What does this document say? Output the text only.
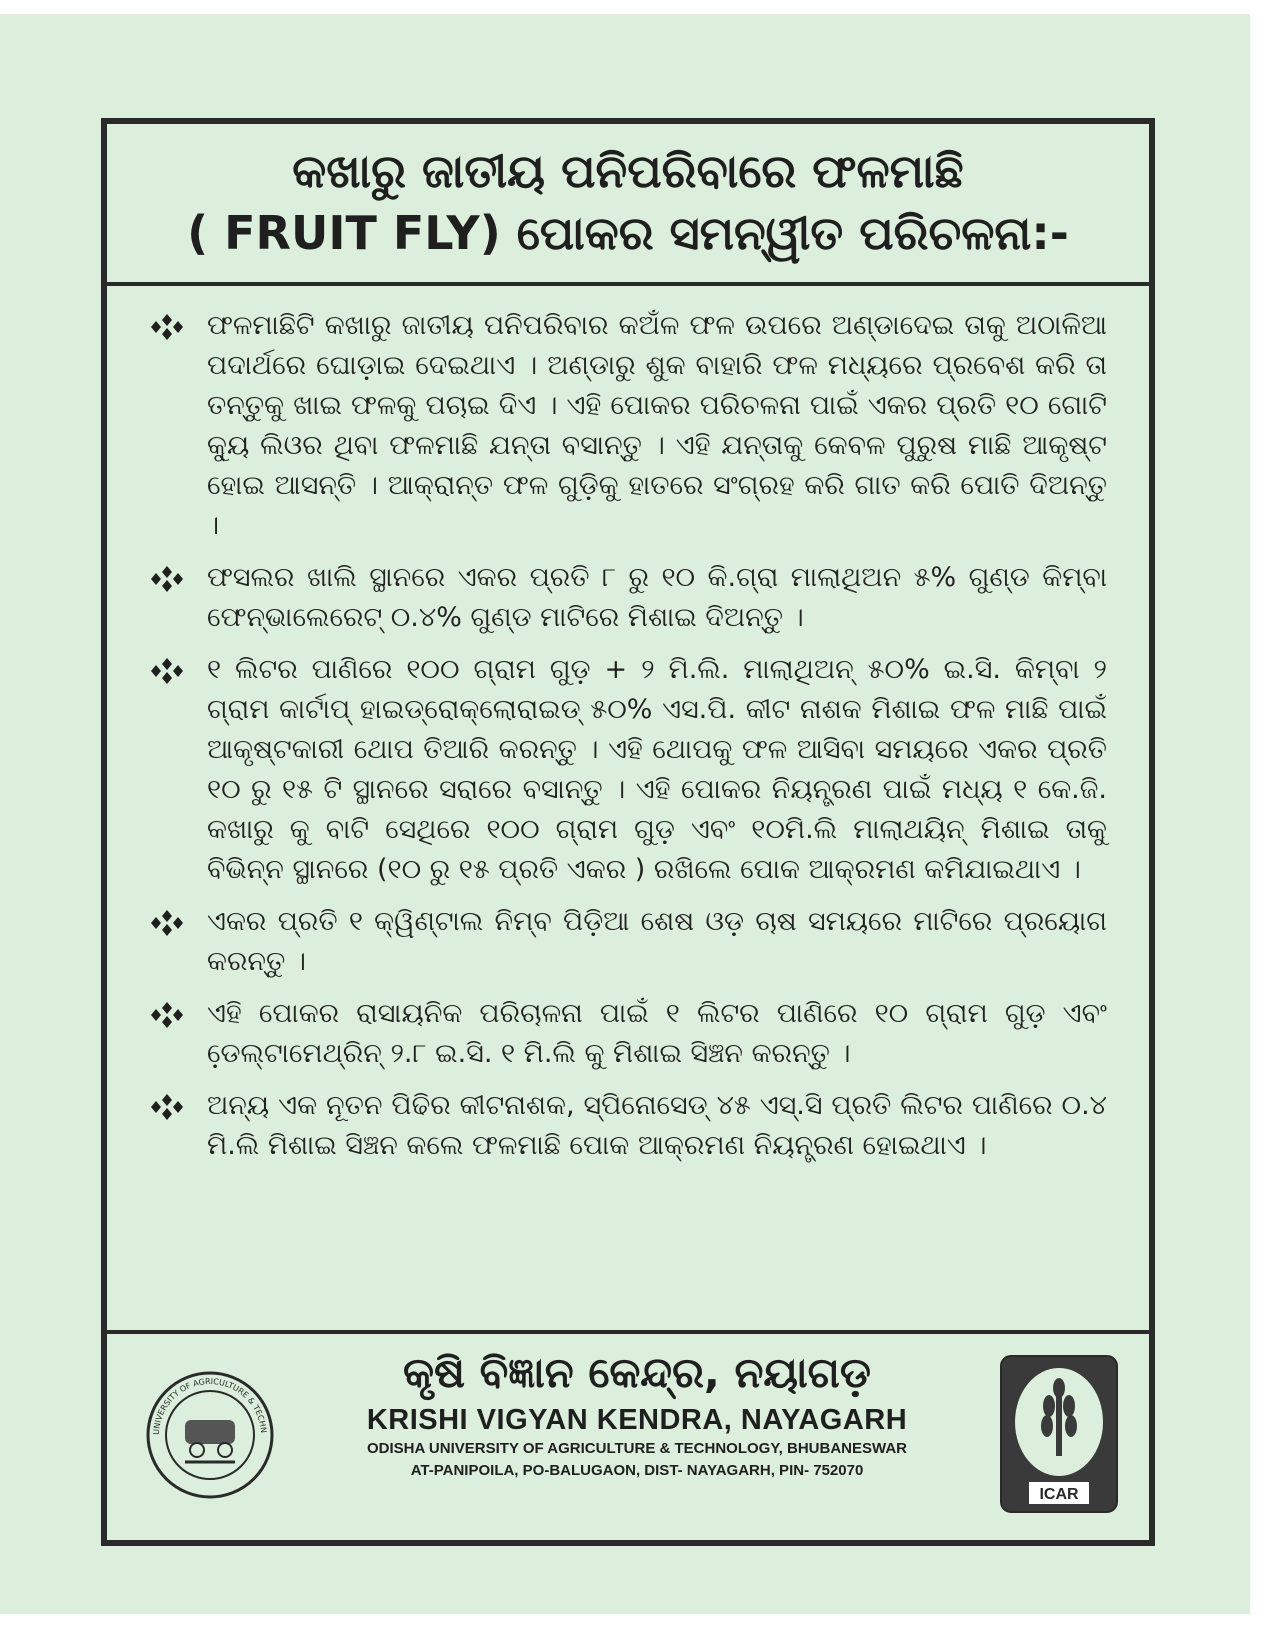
କଖାରୁ ଜାତୀୟ ପନିପରିବାରେ ଫଳମାଛି
( FRUIT FLY) ପୋକର ସମନ୍ୱୀତ ପରିଚଳନା:-
ଫଳମାଛିଟି କଖାରୁ ଜାତୀୟ ପନିପରିବାର କଅଁଳ ଫଳ ଉପରେ ଅଣ୍ଡାଦେଇ ତାକୁ ଅଠାଳିଆ ପଦାର୍ଥରେ ଘୋଡ଼ାଇ ଦେଇଥାଏ । ଅଣ୍ଡାରୁ ଶୁକ ବାହାରି ଫଳ ମଧ୍ୟରେ ପ୍ରବେଶ କରି ତା ତନ୍ତୁକୁ ଖାଇ ଫଳକୁ ପଚାଇ ଦିଏ । ଏହି ପୋକର ପରିଚଳନା ପାଇଁ ଏକର ପ୍ରତି ୧୦ ଗୋଟି କ୍ୟୁ ଲିଓର ଥିବା ଫଳମାଛି ଯନ୍ତା ବସାନ୍ତୁ । ଏହି ଯନ୍ତାକୁ କେବଳ ପୁରୁଷ ମାଛି ଆକୃଷ୍ଟ ହୋଇ ଆସନ୍ତି । ଆକ୍ରାନ୍ତ ଫଳ ଗୁଡ଼ିକୁ ହାତରେ ସଂଗ୍ରହ କରି ଗାତ କରି ପୋତି ଦିଅନ୍ତୁ ।
ଫସଲର ଖାଲି ସ୍ଥାନରେ ଏକର ପ୍ରତି ୮ ରୁ ୧୦ କି.ଗ୍ରା ମାଲାଥିଅନ ୫% ଗୁଣ୍ଡ କିମ୍ବା ଫେନ୍‌ଭାଲେରେଟ୍ ୦.୪% ଗୁଣ୍ଡ ମାଟିରେ ମିଶାଇ ଦିଅନ୍ତୁ ।
୧ ଲିଟର ପାଣିରେ ୧୦୦ ଗ୍ରାମ ଗୁଡ଼ + ୨ ମି.ଲି. ମାଲାଥିଅନ୍ ୫୦% ଇ.ସି. କିମ୍ବା ୨ ଗ୍ରାମ କାର୍ଟାପ୍ ହାଇଡ୍ରୋକ୍ଲୋରାଇଡ୍ ୫୦% ଏସ.ପି. କୀଟ ନାଶକ ମିଶାଇ ଫଳ ମାଛି ପାଇଁ ଆକୃଷ୍ଟକାରୀ ଥୋପ ତିଆରି କରନ୍ତୁ । ଏହି ଥୋପକୁ ଫଳ ଆସିବା ସମୟରେ ଏକର ପ୍ରତି ୧୦ ରୁ ୧୫ ଟି ସ୍ଥାନରେ ସରାରେ ବସାନ୍ତୁ । ଏହି ପୋକର ନିୟନ୍ତ୍ରଣ ପାଇଁ ମଧ୍ୟ ୧ କେ.ଜି. କଖାରୁ କୁ ବାଟି ସେଥିରେ ୧୦୦ ଗ୍ରାମ ଗୁଡ଼ ଏବଂ ୧୦ମି.ଲି ମାଲାଥୟିନ୍ ମିଶାଇ ତାକୁ ବିଭିନ୍ନ ସ୍ଥାନରେ (୧୦ ରୁ ୧୫ ପ୍ରତି ଏକର ) ରଖିଲେ ପୋକ ଆକ୍ରମଣ କମିଯାଇଥାଏ ।
ଏକର ପ୍ରତି ୧ କ୍ୱିଣ୍ଟାଲ ନିମ୍ବ ପିଡ଼ିଆ ଶେଷ ଓଡ଼ ଚାଷ ସମୟରେ ମାଟିରେ ପ୍ରୟୋଗ କରନ୍ତୁ ।
ଏହି ପୋକର ରାସାୟନିକ ପରିଚାଳନା ପାଇଁ ୧ ଲିଟର ପାଣିରେ ୧୦ ଗ୍ରାମ ଗୁଡ଼ ଏବଂ ଡେ଼ଲ୍‌ଟାମେଥ୍ରିନ୍ ୨.୮ ଇ.ସି. ୧ ମି.ଲି କୁ ମିଶାଇ ସିଞ୍ଚନ କରନ୍ତୁ ।
ଅନ୍ୟ ଏକ ନୂତନ ପିଢିର କୀଟନାଶକ, ସ୍ପିନୋସେଡ୍ ୪୫ ଏସ୍.ସି ପ୍ରତି ଲିଟର ପାଣିରେ ୦.୪ ମି.ଲି ମିଶାଇ ସିଞ୍ଚନ କଲେ ଫଳମାଛି ପୋକ ଆକ୍ରମଣ ନିୟନ୍ତ୍ରଣ ହୋଇଥାଏ ।
UNIVERSITY OF AGRICULTURE & TECHN
କୃଷି ବିଜ୍ଞାନ କେନ୍ଦ୍ର, ନୟାଗଡ଼
KRISHI VIGYAN KENDRA, NAYAGARH
ODISHA UNIVERSITY OF AGRICULTURE & TECHNOLOGY, BHUBANESWAR
AT-PANIPOILA, PO-BALUGAON, DIST- NAYAGARH, PIN- 752070
ICAR
